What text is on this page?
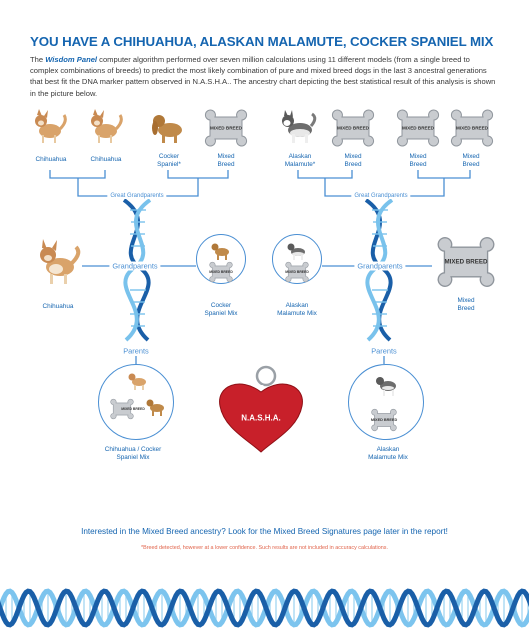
YOU HAVE A CHIHUAHUA, ALASKAN MALAMUTE, COCKER SPANIEL MIX
The Wisdom Panel computer algorithm performed over seven million calculations using 11 different models (from a single breed to complex combinations of breeds) to predict the most likely combination of pure and mixed breed dogs in the last 3 ancestral generations that best fit the DNA marker pattern observed in N.A.S.H.A.. The ancestry chart depicting the best statistical result of this analysis is shown in the picture below.
MIXED BREED	MIXED BREED	MIXED BREED	MIXED BREED
MIXED BREED
Chihuahua	Chihuahua	Cocker Spaniel*
Mixed Breed
Alaskan Malamute*
Mixed Breed
Mixed Breed
Mixed Breed
Great Grandparents	Great Grandparents
Grandparents	Grandparents
Parents	Parents
Chihuahua	Cocker Spaniel Mix
Alaskan Malamute Mix
Mixed Breed
MIXED BREED
MIXED BREED
MIXED BREED	MIXED BREED
N.A.S.H.A.
Chihuahua / Cocker Spaniel Mix
Alaskan Malamute Mix
Interested in the Mixed Breed ancestry? Look for the Mixed Breed Signatures page later in the report!
*Breed detected, however at a lower confidence. Such results are not included in accuracy calculations.
